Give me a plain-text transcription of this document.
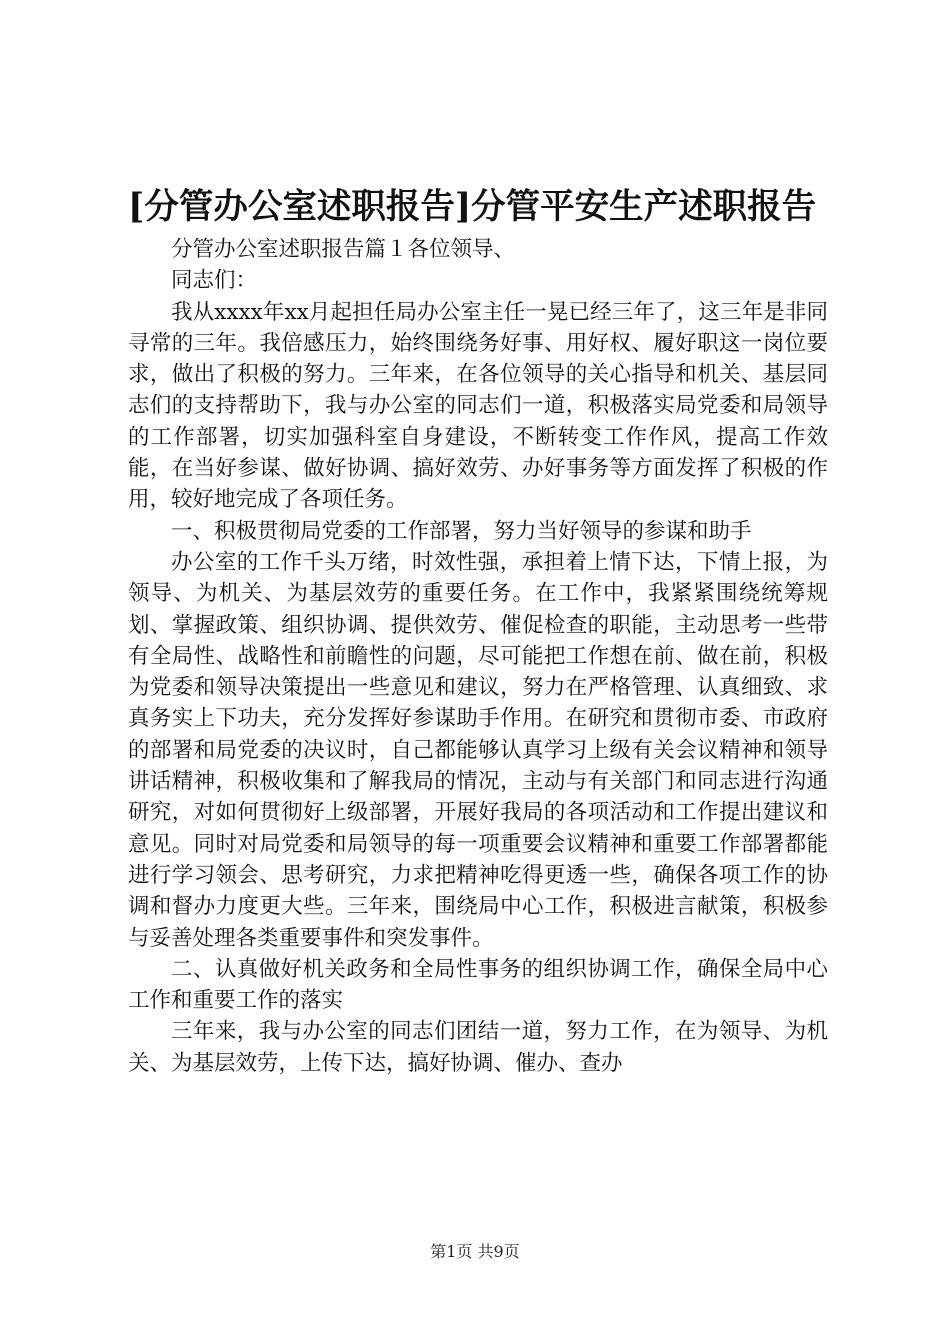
[分管办公室述职报告]分管平安生产述职报告

分管办公室述职报告篇１各位领导、

同志们：

我从xxxx年xx月起担任局办公室主任一晃已经三年了，这三年是非同寻常的三年。我倍感压力，始终围绕务好事、用好权、履好职这一岗位要求，做出了积极的努力。三年来，在各位领导的关心指导和机关、基层同志们的支持帮助下，我与办公室的同志们一道，积极落实局党委和局领导的工作部署，切实加强科室自身建设，不断转变工作作风，提高工作效能，在当好参谋、做好协调、搞好效劳、办好事务等方面发挥了积极的作用，较好地完成了各项任务。

一、积极贯彻局党委的工作部署，努力当好领导的参谋和助手

办公室的工作千头万绪，时效性强，承担着上情下达，下情上报，为领导、为机关、为基层效劳的重要任务。在工作中，我紧紧围绕统筹规划、掌握政策、组织协调、提供效劳、催促检查的职能，主动思考一些带有全局性、战略性和前瞻性的问题，尽可能把工作想在前、做在前，积极为党委和领导决策提出一些意见和建议，努力在严格管理、认真细致、求真务实上下功夫，充分发挥好参谋助手作用。在研究和贯彻市委、市政府的部署和局党委的决议时，自己都能够认真学习上级有关会议精神和领导讲话精神，积极收集和了解我局的情况，主动与有关部门和同志进行沟通研究，对如何贯彻好上级部署，开展好我局的各项活动和工作提出建议和意见。同时对局党委和局领导的每一项重要会议精神和重要工作部署都能进行学习领会、思考研究，力求把精神吃得更透一些，确保各项工作的协调和督办力度更大些。三年来，围绕局中心工作，积极进言献策，积极参与妥善处理各类重要事件和突发事件。

二、认真做好机关政务和全局性事务的组织协调工作，确保全局中心工作和重要工作的落实

三年来，我与办公室的同志们团结一道，努力工作，在为领导、为机关、为基层效劳，上传下达，搞好协调、催办、查办

第1页 共9页
